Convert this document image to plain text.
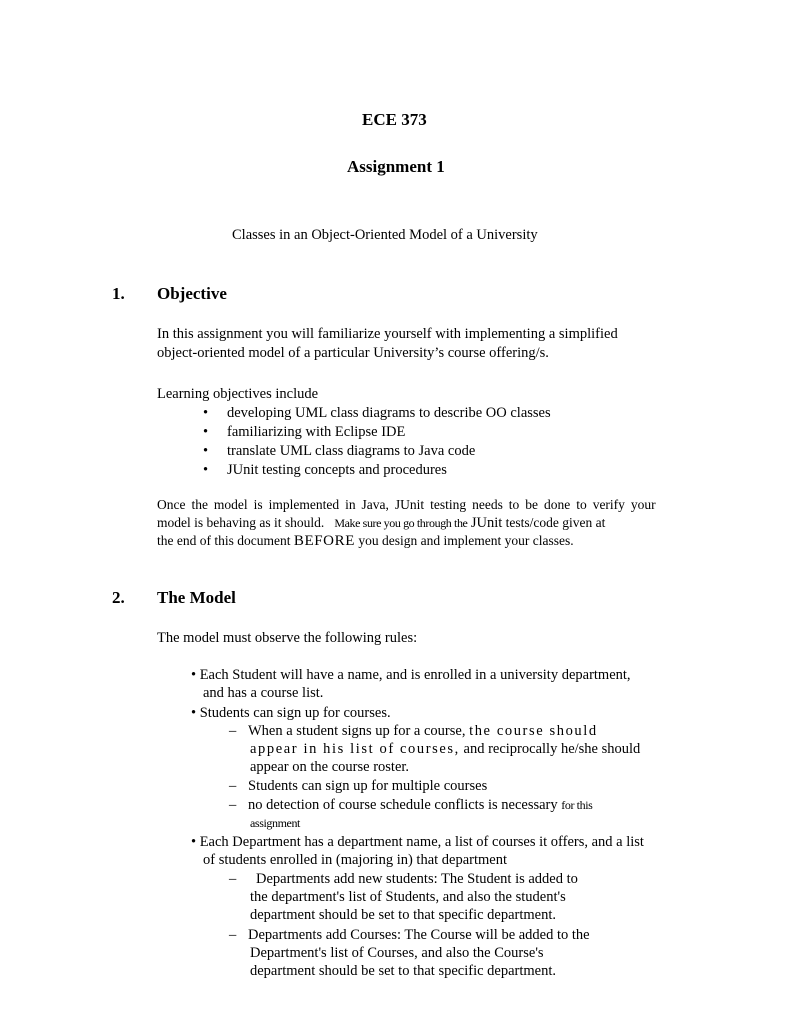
ECE 373
Assignment 1
Classes in an Object-Oriented Model of a University
1. Objective
In this assignment you will familiarize yourself with implementing a simplified
object-oriented model of a particular University’s course offering/s.
Learning objectives include
• developing UML class diagrams to describe OO classes
• familiarizing with Eclipse IDE
• translate UML class diagrams to Java code
• JUnit testing concepts and procedures
Once the model is implemented in Java, JUnit testing needs to be done to verify your
model is behaving as it should. Make sure you go through the JUnit tests/code given at
the end of this document BEFORE you design and implement your classes.
2. The Model
The model must observe the following rules:
• Each Student will have a name, and is enrolled in a university department,
and has a course list.
• Students can sign up for courses.
– When a student signs up for a course, the course should
appear in his list of courses, and reciprocally he/she should
appear on the course roster.
– Students can sign up for multiple courses
– no detection of course schedule conflicts is necessary for this
assignment
• Each Department has a department name, a list of courses it offers, and a list
of students enrolled in (majoring in) that department
– Departments add new students: The Student is added to
the department's list of Students, and also the student's
department should be set to that specific department.
– Departments add Courses: The Course will be added to the
Department's list of Courses, and also the Course's
department should be set to that specific department.
